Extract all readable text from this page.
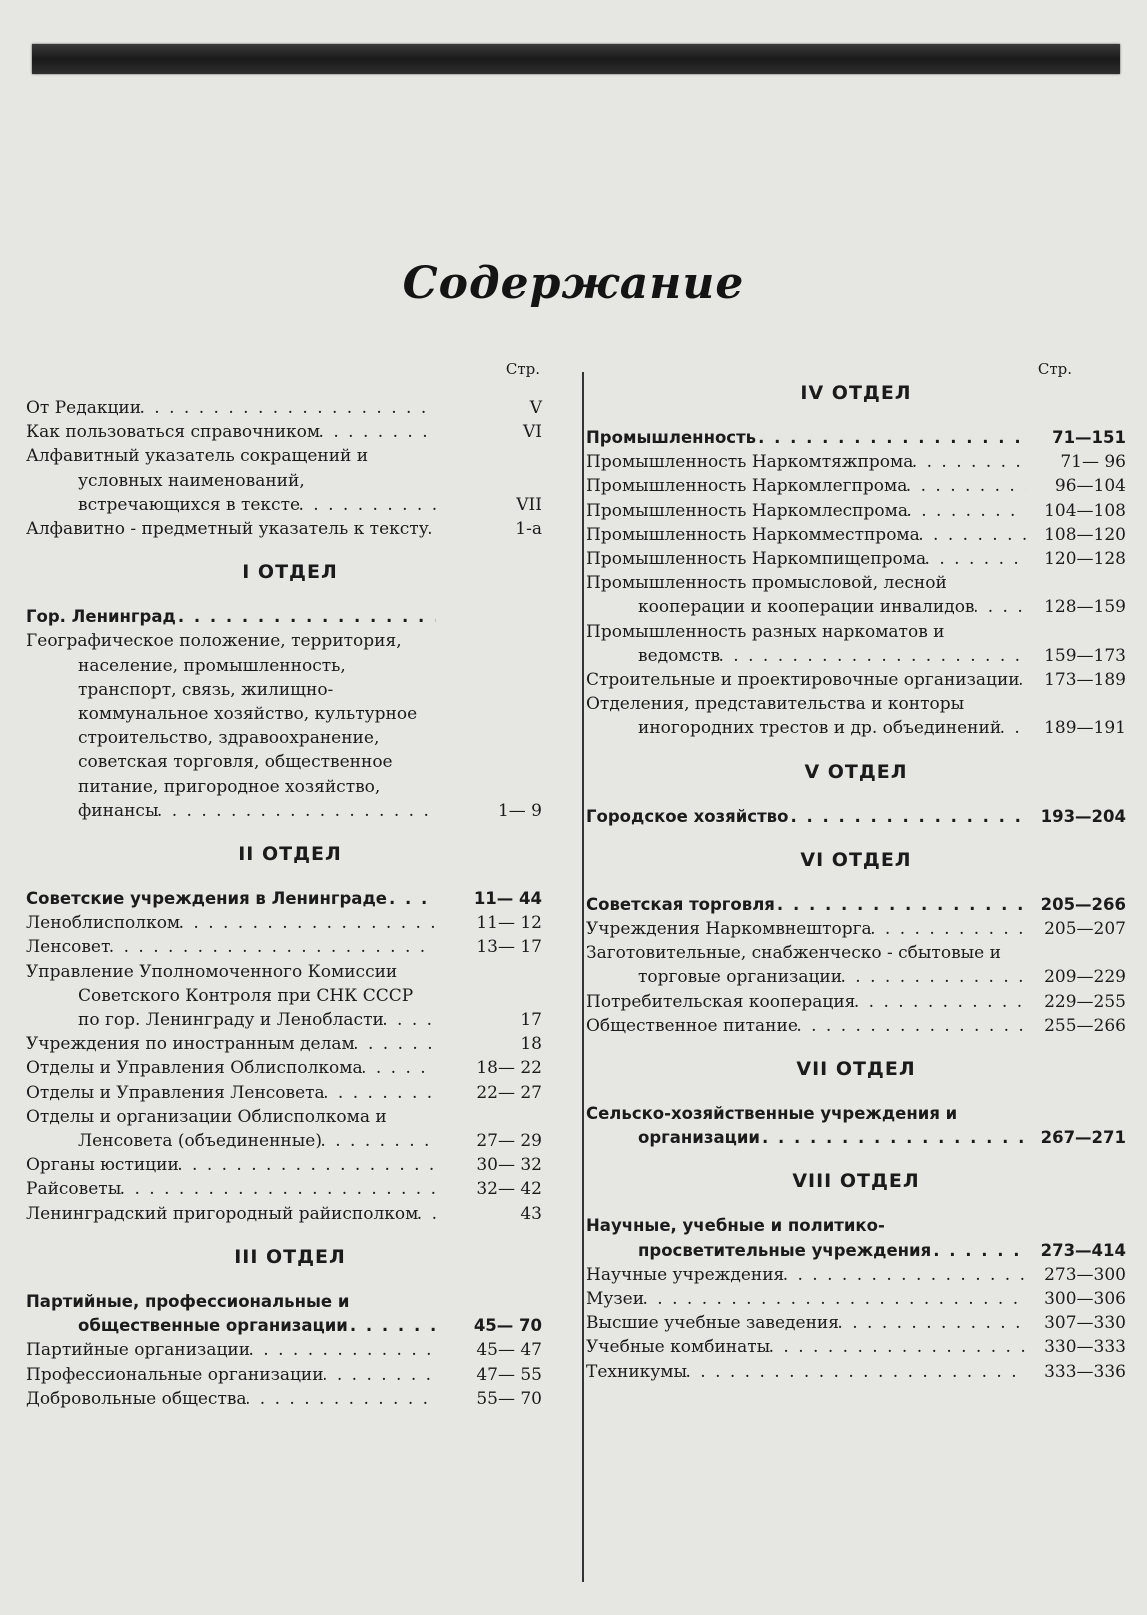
Содержание
Стр.
От Редакции . . .	V
Как пользоваться справочником . . .	VI
Алфавитный указатель сокращений и условных наименований, встречающихся в тексте . . .	VII
Алфавитно - предметный указатель к тексту . . .	1-а
I ОТДЕЛ
Гор. Ленинград . . .
Географическое положение, территория, население, промышленность, транспорт, связь, жилищно-коммунальное хозяйство, культурное строительство, здравоохранение, советская торговля, общественное питание, пригородное хозяйство, финансы . . .	1— 9
II ОТДЕЛ
Советские учреждения в Ленинграде . . .	11— 44
Леноблисполком . . .	11— 12
Ленсовет . . .	13— 17
Управление Уполномоченного Комиссии Советского Контроля при СНК СССР по гор. Ленинграду и Ленобласти . . .	17
Учреждения по иностранным делам . . .	18
Отделы и Управления Облисполкома . . .	18— 22
Отделы и Управления Ленсовета . . .	22— 27
Отделы и организации Облисполкома и Ленсовета (объединенные) . . .	27— 29
Органы юстиции . . .	30— 32
Райсоветы . . .	32— 42
Ленинградский пригородный райисполком . . .	43
III ОТДЕЛ
Партийные, профессиональные и общественные организации . . .	45— 70
Партийные организации . . .	45— 47
Профессиональные организации . . .	47— 55
Добровольные общества . . .	55— 70
Стр.
IV ОТДЕЛ
Промышленность . . .	71—151
Промышленность Наркомтяжпрома . . .	71— 96
Промышленность Наркомлегпрома . . .	96—104
Промышленность Наркомлеспрома . . .	104—108
Промышленность Наркомместпрома . . .	108—120
Промышленность Наркомпищепрома . . .	120—128
Промышленность промысловой, лесной кооперации и кооперации инвалидов . . .	128—159
Промышленность разных наркоматов и ведомств . . .	159—173
Строительные и проектировочные организации . . .	173—189
Отделения, представительства и конторы иногородних трестов и др. объединений . . .	189—191
V ОТДЕЛ
Городское хозяйство . . .	193—204
VI ОТДЕЛ
Советская торговля . . .	205—266
Учреждения Наркомвнешторга . . .	205—207
Заготовительные, снабженческо - сбытовые и торговые организации . . .	209—229
Потребительская кооперация . . .	229—255
Общественное питание . . .	255—266
VII ОТДЕЛ
Сельско-хозяйственные учреждения и организации . . .	267—271
VIII ОТДЕЛ
Научные, учебные и политико-просветительные учреждения . . .	273—414
Научные учреждения . . .	273—300
Музеи . . .	300—306
Высшие учебные заведения . . .	307—330
Учебные комбинаты . . .	330—333
Техникумы . . .	333—336
